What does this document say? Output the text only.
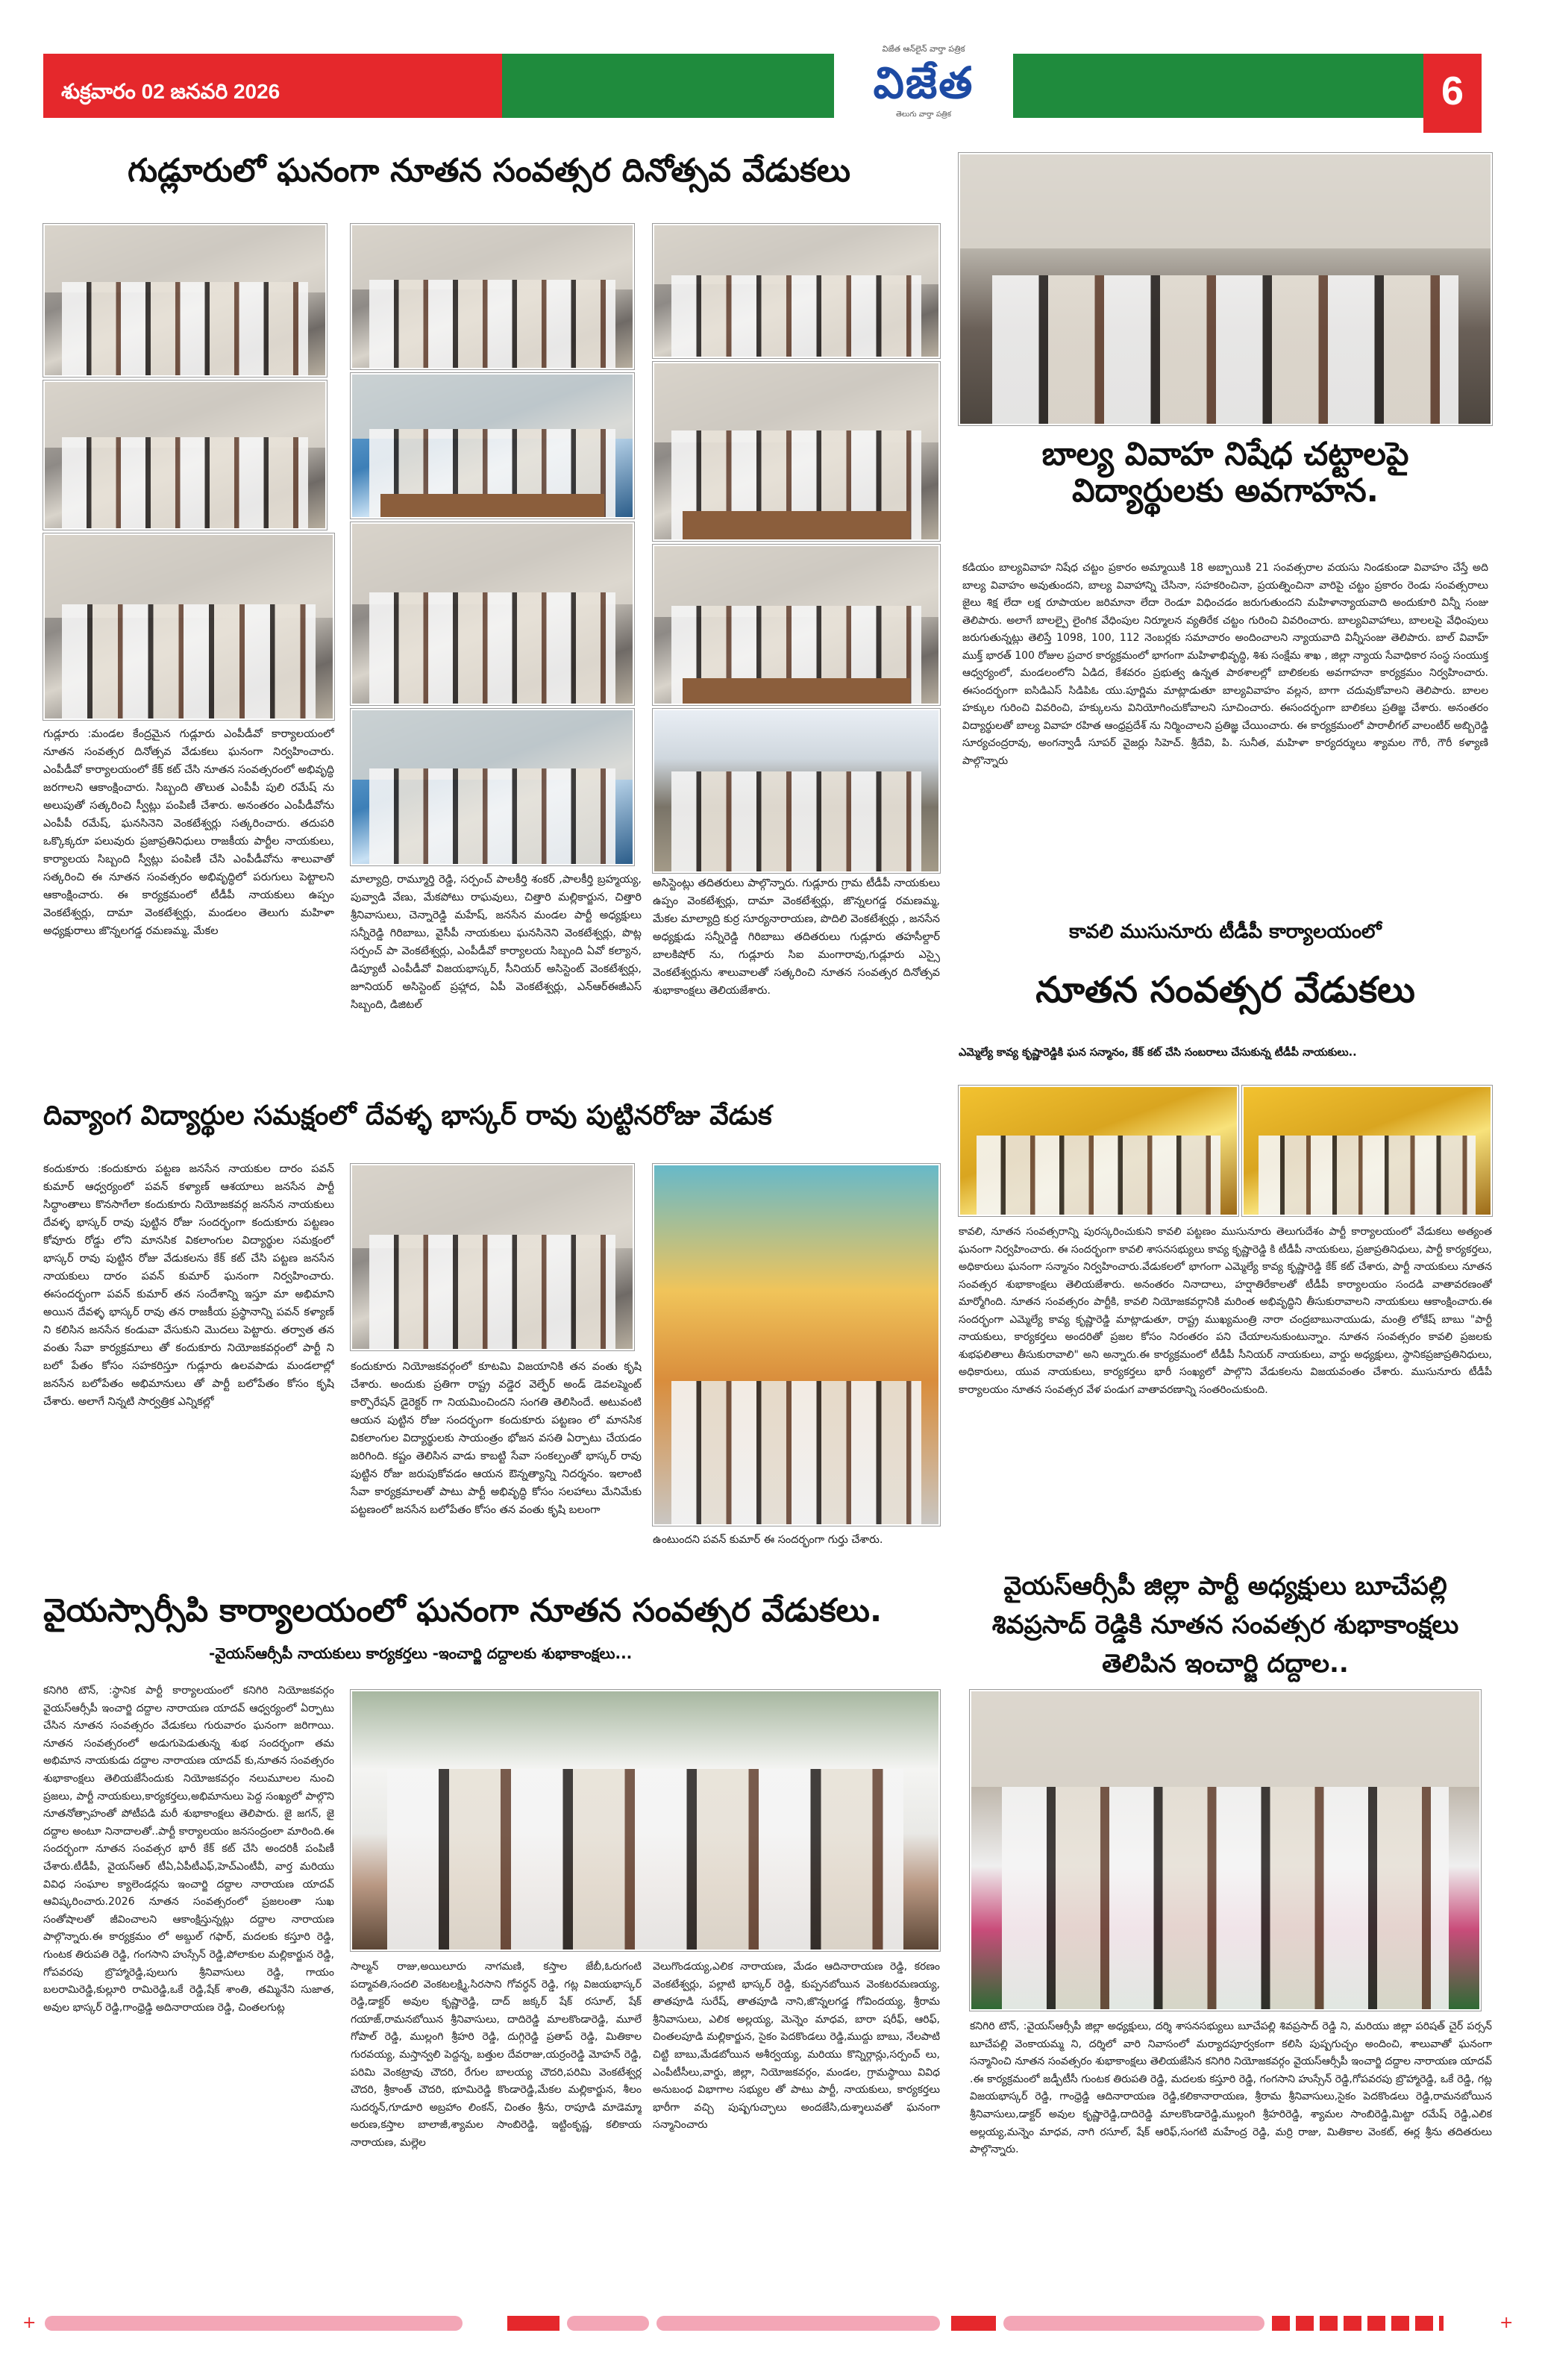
శుక్రవారం 02 జనవరి 2026
విజేత ఆన్‌లైన్ వార్తా పత్రిక
విజేత
తెలుగు వార్తా పత్రిక
6
గుడ్లూరులో ఘనంగా నూతన సంవత్సర దినోత్సవ వేడుకలు
గుడ్లూరు :మండల కేంద్రమైన గుడ్లూరు ఎంపీడీవో కార్యాలయంలో నూతన సంవత్సర దినోత్సవ వేడుకలు ఘనంగా నిర్వహించారు. ఎంపీడీవో కార్యాలయంలో కేక్ కట్ చేసి నూతన సంవత్సరంలో అభివృద్ధి జరగాలని ఆకాంక్షించారు. సిబ్బంది తొలుత ఎంపీపీ పులి రమేష్ ను అలుపుతో సత్కరించి స్వీట్లు పంపిణీ చేశారు. అనంతరం ఎంపీడీవోను ఎంపీపీ రమేష్, ఘనసినెని వెంకటేశ్వర్లు సత్కరించారు. తదుపరి ఒక్కొక్కరూ పలువురు ప్రజాప్రతినిధులు రాజకీయ పార్టీల నాయకులు, కార్యాలయ సిబ్బంది స్వీట్లు పంపిణీ చేసి ఎంపీడీవోను శాలువాతో సత్కరించి ఈ నూతన సంవత్సరం అభివృద్ధిలో పరుగులు పెట్టాలని ఆకాంక్షించారు. ఈ కార్యక్రమంలో టీడీపీ నాయకులు ఉప్పం వెంకటేశ్వర్లు, దామా వెంకటేశ్వర్లు, మండలం తెలుగు మహిళా అధ్యక్షురాలు జొన్నలగడ్డ రమణమ్మ, మేకల
మాల్యాద్రి, రామ్మూర్తి రెడ్డి, సర్పంచ్ పాలకీర్తి శంకర్ ,పాలకీర్తి బ్రహ్మయ్య, పువ్వాడి వేణు, మేకపోటు రాఘవులు, చిత్తారి మల్లికార్జున, చిత్తారి శ్రీనివాసులు, చెన్నారెడ్డి మహేష్, జనసేన మండల పార్టీ అధ్యక్షులు సన్నీరెడ్డి గిరిబాబు, వైసీపీ నాయకులు ఘనసినెని వెంకటేశ్వర్లు, పొట్ల సర్పంచ్ పా వెంకటేశ్వర్లు, ఎంపీడీవో కార్యాలయ సిబ్బంది ఏవో కల్యాన, డిప్యూటీ ఎంపీడీవో విజయభాస్కర్, సీనియర్ అసిస్టెంట్ వెంకటేశ్వర్లు, జూనియర్ అసిస్టెంట్ ప్రహ్లాద, ఏపీ వెంకటేశ్వర్లు, ఎన్ఆర్ఈజీఎస్ సిబ్బంది, డిజిటల్
అసిస్టెంట్లు తదితరులు పాల్గొన్నారు. గుడ్లూరు గ్రామ టీడీపీ నాయకులు ఉప్పం వెంకటేశ్వర్లు, దామా వెంకటేశ్వర్లు, జొన్నలగడ్డ రమణమ్మ, మేకల మాల్యాద్రి కుర్ర సూర్యనారాయణ, పొదిలి వెంకటేశ్వర్లు , జనసేన అధ్యక్షుడు సన్నీరెడ్డి గిరిబాబు తదితరులు గుడ్లూరు తహసీల్దార్ బాలకిషోర్ ను, గుడ్లూరు సిఐ మంగారావు,గుడ్లూరు ఎస్సై వెంకటేశ్వర్లును శాలువాలతో సత్కరించి నూతన సంవత్సర దినోత్సవ శుభాకాంక్షలు తెలియజేశారు.
బాల్య వివాహ నిషేధ చట్టాలపై విద్యార్థులకు అవగాహన.
కడియం బాల్యవివాహ నిషేధ చట్టం ప్రకారం అమ్మాయికి 18 అబ్బాయికి 21 సంవత్సరాల వయసు నిండకుండా వివాహం చేస్తే అది బాల్య వివాహం అవుతుందని, బాల్య వివాహాన్ని చేసినా, సహకరించినా, ప్రయత్నించినా వారిపై చట్టం ప్రకారం రెండు సంవత్సరాలు జైలు శిక్ష లేదా లక్ష రూపాయల జరిమానా లేదా రెండూ విధించడం జరుగుతుందని మహిళాన్యాయవాది అందుకూరి విన్నీ సంజు తెలిపారు. అలాగే బాలల్పై లైంగిక వేధింపుల నిర్మూలన వ్యతిరేక చట్టం గురించి వివరించారు. బాల్యవివాహాలు, బాలలపై వేధింపులు జరుగుతున్నట్లు తెలిస్తే 1098, 100, 112 నెంబర్లకు సమాచారం అందించాలని న్యాయవాది విన్నీసంజు తెలిపారు. బాల్ వివాహ్ ముక్త్ భారత్ 100 రోజుల ప్రచార కార్యక్రమంలో భాగంగా మహిళాభివృద్ధి, శిశు సంక్షేమ శాఖ , జిల్లా న్యాయ సేవాధికార సంస్థ సంయుక్త ఆధ్వర్యంలో, మండలంలోని ఏడిద, కేశవరం ప్రభుత్వ ఉన్నత పాఠశాలల్లో బాలికలకు అవగాహనా కార్యక్రమం నిర్వహించారు. ఈసందర్భంగా ఐసిడిఎస్ సిడిపిఓ యు.పూర్ణిమ మాట్లాడుతూ బాల్యవివాహం వల్లన, బాగా చదువుకోవాలని తెలిపారు. బాలల హక్కుల గురించి వివరించి, హక్కులను వినియోగించుకోవాలని సూచించారు. ఈసందర్భంగా బాలికలు ప్రతిజ్ఞ చేశారు. అనంతరం విద్యార్థులతో బాల్య వివాహ రహిత ఆంధ్రప్రదేశ్ ను నిర్మించాలని ప్రతిజ్ఞ చేయించారు. ఈ కార్యక్రమంలో పారాలీగల్ వాలంటీర్ అబ్బిరెడ్డి సూర్యచంద్రరావు, అంగన్వాడీ సూపర్ వైజర్లు సిహెచ్. శ్రీదేవి, పి. సునీత, మహిళా కార్యదర్శులు శ్యామల గౌరీ, గౌరీ కళ్యాణి పాల్గొన్నారు
కావలి ముసునూరు టీడీపీ కార్యాలయంలో
నూతన సంవత్సర వేడుకలు
ఎమ్మెల్యే కావ్య కృష్ణారెడ్డికి ఘన సన్మానం, కేక్ కట్ చేసి సంబరాలు చేసుకున్న టీడీపీ నాయకులు..
కావలి, నూతన సంవత్సరాన్ని పురస్కరించుకుని కావలి పట్టణం ముసునూరు తెలుగుదేశం పార్టీ కార్యాలయంలో వేడుకలు అత్యంత ఘనంగా నిర్వహించారు. ఈ సందర్భంగా కావలి శాసనసభ్యులు కావ్య కృష్ణారెడ్డి కి టీడీపీ నాయకులు, ప్రజాప్రతినిధులు, పార్టీ కార్యకర్తలు, అధికారులు ఘనంగా సన్మానం నిర్వహించారు.వేడుకలలో భాగంగా ఎమ్మెల్యే కావ్య కృష్ణారెడ్డి కేక్ కట్ చేశారు, పార్టీ నాయకులు నూతన సంవత్సర శుభాకాంక్షలు తెలియజేశారు. అనంతరం నినాదాలు, హర్షాతిరేకాలతో టీడీపీ కార్యాలయం సందడి వాతావరణంతో మార్మోగింది. నూతన సంవత్సరం పార్టీకి, కావలి నియోజకవర్గానికి మరింత అభివృద్ధిని తీసుకురావాలని నాయకులు ఆకాంక్షించారు.ఈ సందర్భంగా ఎమ్మెల్యే కావ్య కృష్ణారెడ్డి మాట్లాడుతూ, రాష్ట్ర ముఖ్యమంత్రి నారా చంద్రబాబునాయుడు, మంత్రి లోకేష్ బాబు "పార్టీ నాయకులు, కార్యకర్తలు అందరితో ప్రజల కోసం నిరంతరం పని చేయాలనుకుంటున్నాం. నూతన సంవత్సరం కావలి ప్రజలకు శుభఫలితాలు తీసుకురావాలి" అని అన్నారు.ఈ కార్యక్రమంలో టీడీపీ సీనియర్ నాయకులు, వార్డు అధ్యక్షులు, స్థానికప్రజాప్రతినిధులు, అధికారులు, యువ నాయకులు, కార్యకర్తలు భారీ సంఖ్యలో పాల్గొని వేడుకలను విజయవంతం చేశారు. ముసునూరు టీడీపీ కార్యాలయం నూతన సంవత్సర వేళ పండుగ వాతావరణాన్ని సంతరించుకుంది.
దివ్యాంగ విద్యార్థుల సమక్షంలో దేవళ్ళ భాస్కర్ రావు పుట్టినరోజు వేడుక
కందుకూరు :కందుకూరు పట్టణ జనసేన నాయకుల దారం పవన్ కుమార్ ఆధ్వర్యంలో పవన్ కళ్యాణ్ ఆశయాలు జనసేన పార్టీ సిద్ధాంతాలు కొనసాగేలా కందుకూరు నియోజకవర్గ జనసేన నాయకులు దేవళ్ళ భాస్కర్ రావు పుట్టిన రోజు సందర్భంగా కందుకూరు పట్టణం కోవూరు రోడ్డు లోని మానసిక వికలాంగుల విద్యార్థుల సమక్షంలో భాస్కర్ రావు పుట్టిన రోజు వేడుకలను కేక్ కట్ చేసి పట్టణ జనసేన నాయకులు దారం పవన్ కుమార్ ఘనంగా నిర్వహించారు. ఈసందర్భంగా పవన్ కుమార్ తన సందేశాన్ని ఇస్తూ మా అభిమాని అయిన దేవళ్ళ భాస్కర్ రావు తన రాజకీయ ప్రస్థానాన్ని పవన్ కళ్యాణ్ ని కలిసిన జనసేన కండువా వేసుకుని మొదలు పెట్టారు. తర్వాత తన వంతు సేవా కార్యక్రమాలు తో కందుకూరు నియోజకవర్గంలో పార్టీ ని బలో పేతం కోసం సహకరిస్తూ గుడ్లూరు ఉలవపాడు మండలాల్లో జనసేన బలోపేతం అభిమానులు తో పార్టీ బలోపేతం కోసం కృషి చేశారు. అలాగే నిన్నటి సార్వత్రిక ఎన్నికల్లో
కందుకూరు నియోజకవర్గంలో కూటమి విజయానికి తన వంతు కృషి చేశారు. అందుకు ప్రతిగా రాష్ట్ర వడ్డెర వెల్ఫేర్ అండ్ డెవలప్మెంట్ కార్పొరేషన్ డైరెక్టర్ గా నియమించిందని సంగతి తెలిసిందే. అటువంటి ఆయన పుట్టిన రోజు సందర్భంగా కందుకూరు పట్టణం లో మానసిక వికలాంగుల విద్యార్థులకు సాయంత్రం భోజన వసతి ఏర్పాటు చేయడం జరిగింది. కష్టం తెలిసిన వాడు కాబట్టి సేవా సంకల్పంతో భాస్కర్ రావు పుట్టిన రోజు జరుపుకోవడం ఆయన ఔన్నత్యాన్ని నిదర్శనం. ఇలాంటి సేవా కార్యక్రమాలతో పాటు పార్టీ అభివృద్ధి కోసం సలహాలు మేనిమేకు పట్టణంలో జనసేన బలోపేతం కోసం తన వంతు కృషి బలంగా
ఉంటుందని పవన్ కుమార్ ఈ సందర్భంగా గుర్తు చేశారు.
వైయస్సార్సీపి కార్యాలయంలో ఘనంగా నూతన సంవత్సర వేడుకలు.
-వైయస్ఆర్సీపీ నాయకులు కార్యకర్తలు -ఇంచార్జి దద్దాలకు శుభాకాంక్షలు...
కనిగిరి టౌన్, :స్థానిక పార్టీ కార్యాలయంలో కనిగిరి నియోజకవర్గం వైయస్ఆర్సీపీ ఇంచార్జి దద్దాల నారాయణ యాదవ్ ఆధ్వర్యంలో ఏర్పాటు చేసిన నూతన సంవత్సరం వేడుకలు గురువారం ఘనంగా జరిగాయి. నూతన సంవత్సరంలో అడుగుపెడుతున్న శుభ సందర్భంగా తమ అభిమాన నాయకుడు దద్దాల నారాయణ యాదవ్ కు,నూతన సంవత్సరం శుభాకాంక్షలు తెలియజేసేందుకు నియోజకవర్గం నలుమూలల నుంచి ప్రజలు, పార్టీ నాయకులు,కార్యకర్తలు,అభిమానులు పెద్ద సంఖ్యలో పాల్గొని నూతనోత్సాహంతో పోటీపడి మరీ శుభాకాంక్షలు తెలిపారు. జై జగన్, జై దద్దాల అంటూ నినాదాలతో..పార్టీ కార్యాలయం జనసంద్రంలా మారింది.ఈ సందర్భంగా నూతన సంవత్సర భారీ కేక్ కట్ చేసి అందరికీ పంపిణీ చేశారు.టీడీపీ, వైయస్ఆర్ టీఏ,ఏపీటీఎఫ్,హెచ్ఎంటీవీ, వార్త మరియు వివిధ సంఘాల క్యాలెండర్లను ఇంచార్జి దద్దాల నారాయణ యాదవ్ ఆవిష్కరించారు.2026 నూతన సంవత్సరంలో ప్రజలంతా సుఖ సంతోషాలతో జీవించాలని ఆకాంక్షిస్తున్నట్లు దద్దాల నారాయణ పాల్గొన్నారు.ఈ కార్యక్రమం లో అబ్దుల్ గఫార్, మదలకు కస్తూరి రెడ్డి, గుంటక తిరుపతి రెడ్డి, గంగసాని హుస్సేన్ రెడ్డి,పోలాకుల మల్లికార్జున రెడ్డి, గోపవరపు బ్రొహ్మారెడ్డి,పులుగు శ్రీనివాసులు రెడ్డి, గాయం బలరామిరెడ్డి,కుల్లూరి రామిరెడ్డి,ఒకే రెడ్డి,షేక్ శాంతి, తమ్మినేని సుజాత, అవుల భాస్కర్ రెడ్డి,గాంధ్రెడ్డి అదినారాయణ రెడ్డి, చింతలగుట్ల
సాల్మన్ రాజు,అయిలూరు నాగమణి, కస్తాల జేబీ,ఓరుగంటి పద్మావతి,సందలి వెంకటలక్ష్మి,సిరసాని గోవర్ధన్ రెడ్డి, గట్ల విజయభాస్కర్ రెడ్డి,డాక్టర్ అవుల కృష్ణారెడ్డి, దాద్ జక్కర్ షేక్ రసూల్, షేక్ గయాజ్,రామనబోయిన శ్రీనివాసులు, దాదిరెడ్డి మాలకొండారెడ్డి, మూలే గోపాల్ రెడ్డి, ముల్లంగి శ్రీహరి రెడ్డి, దుగ్గిరెడ్డి ప్రతాప్ రెడ్డి, మితికాల గురవయ్య, మస్తాన్వలి పెద్దన్న, బత్తుల దేవరాజు,యర్రంరెడ్డి మోహన్ రెడ్డి, పరిమి వెంకట్రావు చౌదరి, రేగుల బాలయ్య చౌదరి,పరిమి వెంకటేశ్వర్ల చౌదరి, శ్రీకాంత్ చౌదరి, భూమిరెడ్డి కొండారెడ్డి,మేకల మల్లికార్జున, శీలం సుదర్శన్,గూడూరి అబ్రహాం లింకన్, చింతం శ్రీను, రాపూడి మాడెమ్మా అరుణ,కస్తాల బాలాజీ,శ్యామల సాంబిరెడ్డి, ఇట్టింకృష్ణ, కలికాయ నారాయణ, మల్లెల
వెలుగొండయ్య,ఎలిక నారాయణ, మేడం ఆదినారాయణ రెడ్డి, కరణం వెంకటేశ్వర్లు, పల్లాటి భాస్కర్ రెడ్డి, కుప్పనబోయిన వెంకటరమణయ్య, తాతపూడి సురేష్, తాతపూడి నాని,జొన్నలగడ్డ గోవిందయ్య, శ్రీరామ శ్రీనివాసులు, ఎలిక అల్లయ్య, మెన్నెం మాధవ, బారా షరీఫ్, ఆరిఫ్, చింతలపూడి మల్లికార్జున, సైకం పెదకొండలు రెడ్డి,ముద్దు బాబు, నేలపాటి చిట్టి బాబు,మేడబోయిన అశీర్వయ్య, మరియు కొన్నిర్గాన్లు,సర్పంచ్ లు, ఎంపీటీసీలు,వార్డు, జిల్లా, నియోజకవర్గం, మండల, గ్రామస్థాయి వివిధ అనుబంధ విభాగాల సభ్యుల తో పాటు పార్టీ, నాయకులు, కార్యకర్తలు భారీగా వచ్చి పుష్పగుచ్ఛాలు అందజేసి,దుశ్శాలువతో ఘనంగా సన్మానించారు
వైయస్ఆర్సీపీ జిల్లా పార్టీ అధ్యక్షులు బూచేపల్లి శివప్రసాద్ రెడ్డికి నూతన సంవత్సర శుభాకాంక్షలు తెలిపిన ఇంచార్జి దద్దాల..
కనిగిరి టౌన్, :వైయస్ఆర్సీపీ జిల్లా అధ్యక్షులు, దర్శి శాసనసభ్యులు బూచేపల్లి శివప్రసాద్ రెడ్డి ని, మరియు జిల్లా పరిషత్ చైర్ పర్సన్ బూచేపల్లి వెంకాయమ్మ ని, దర్శిలో వారి నివాసంలో మర్యాదపూర్వకంగా కలిసి పుష్పగుచ్ఛం అందించి, శాలువాతో ఘనంగా సన్మానించి నూతన సంవత్సరం శుభాకాంక్షలు తెలియజేసిన కనిగిరి నియోజకవర్గం వైయస్ఆర్సీపీ ఇంచార్జి దద్దాల నారాయణ యాదవ్ .ఈ కార్యక్రమంలో జడ్పీటీసీ గుంటక తిరుపతి రెడ్డి, మదలకు కస్తూరి రెడ్డి, గంగసాని హుస్సేన్ రెడ్డి,గోపవరపు బ్రొహ్మారెడ్డి, ఒకే రెడ్డి, గట్ల విజయభాస్కర్ రెడ్డి, గాంధ్రెడ్డి ఆదినారాయణ రెడ్డి,కలికానారాయణ, శ్రీరామ శ్రీనివాసులు,సైకం పెదకొండలు రెడ్డి,రామనబోయిన శ్రీనివాసులు,డాక్టర్ అవుల కృష్ణారెడ్డి,దాదిరెడ్డి మాలకొండారెడ్డి,ముల్లంగి శ్రీహరిరెడ్డి, శ్యామల సాంబిరెడ్డి,మిట్టా రమేష్ రెడ్డి,ఎలిక అల్లయ్య,మన్నెం మాధవ, నాగి రసూల్, షేక్ ఆరిఫ్,సంగటి మహేంద్ర రెడ్డి, మర్రి రాజు, మితికాల వెంకట్, ఈర్ల శ్రీను తదితరులు పాల్గొన్నారు.
+	+
